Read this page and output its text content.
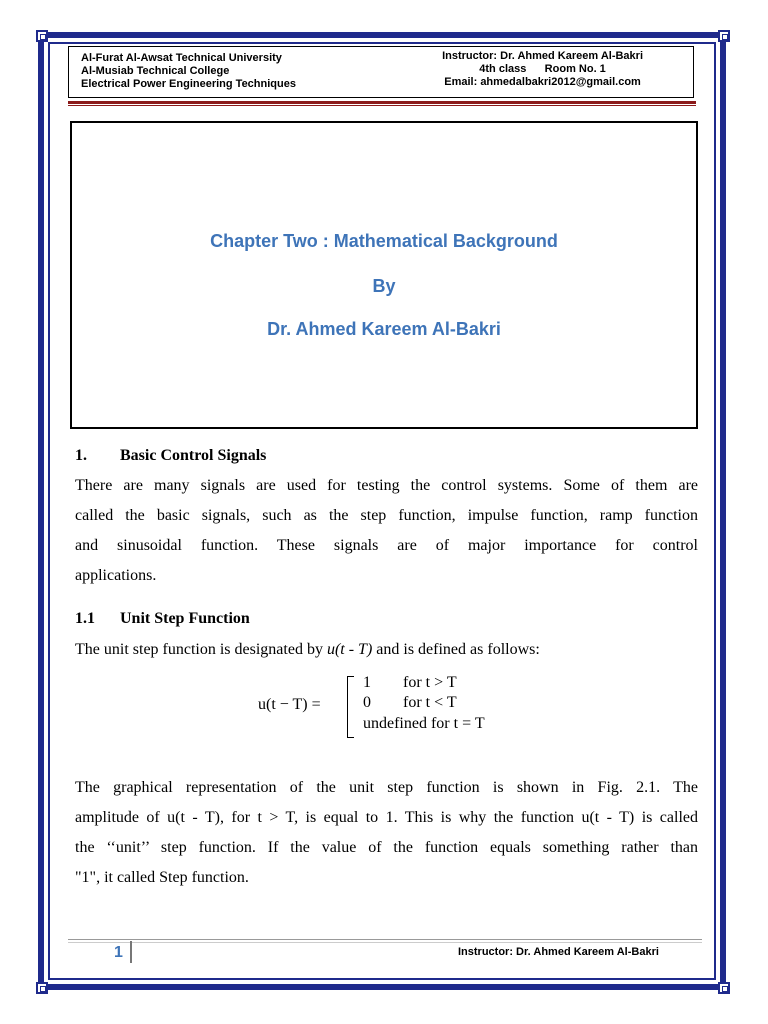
Al-Furat Al-Awsat Technical University
Al-Musiab Technical College
Electrical Power Engineering Techniques
Instructor: Dr. Ahmed Kareem Al-Bakri
4th class      Room No. 1
Email: ahmedalbakri2012@gmail.com
Chapter Two : Mathematical Background
By
Dr. Ahmed Kareem Al-Bakri
1. Basic Control Signals
There are many signals are used for testing the control systems. Some of them are
called the basic signals, such as the step function, impulse function, ramp function
and sinusoidal function. These signals are of major importance for control
applications.
1.1 Unit Step Function
The unit step function is designated by u(t - T) and is defined as follows:
u(t − T) =
1        for t > T
0        for t < T
undefined for t = T
The graphical representation of the unit step function is shown in Fig. 2.1. The
amplitude of u(t - T), for t > T, is equal to 1. This is why the function u(t - T) is called
the ‘‘unit’’ step function. If the value of the function equals something rather than
"1", it called Step function.
1	Instructor: Dr. Ahmed Kareem Al-Bakri
